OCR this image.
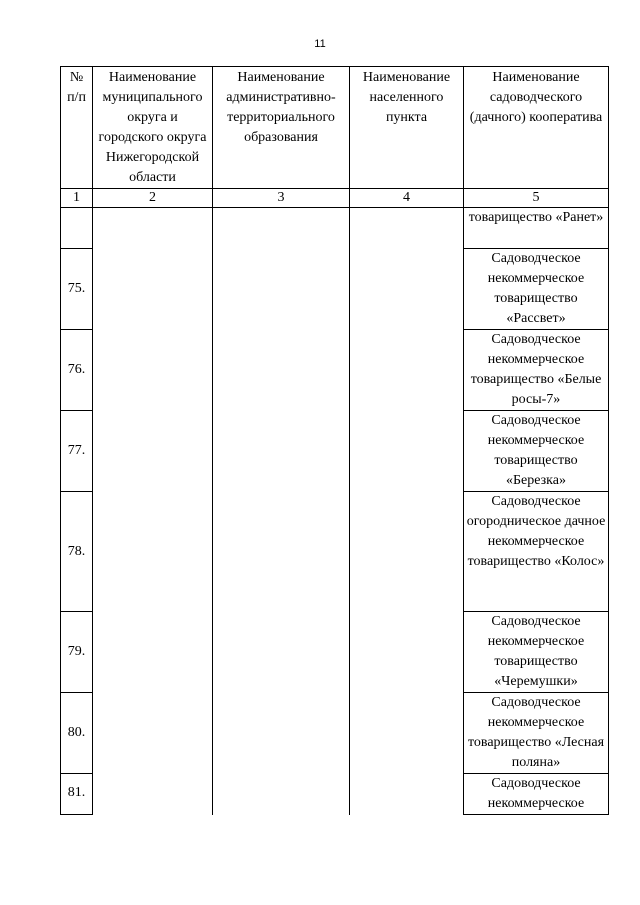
11
№ п/п	Наименование муниципального округа и городского округа Нижегородской области	Наименование административно-территориального образования	Наименование населенного пункта	Наименование садоводческого (дачного) кооператива
1	2	3	4	5
				товарищество «Ранет»
75.				Садоводческое некоммерческое товарищество «Рассвет»
76.				Садоводческое некоммерческое товарищество «Белые росы-7»
77.				Садоводческое некоммерческое товарищество «Березка»
78.				Садоводческое огородническое дачное некоммерческое товарищество «Колос»
79.				Садоводческое некоммерческое товарищество «Черемушки»
80.				Садоводческое некоммерческое товарищество «Лесная поляна»
81.				Садоводческое некоммерческое
